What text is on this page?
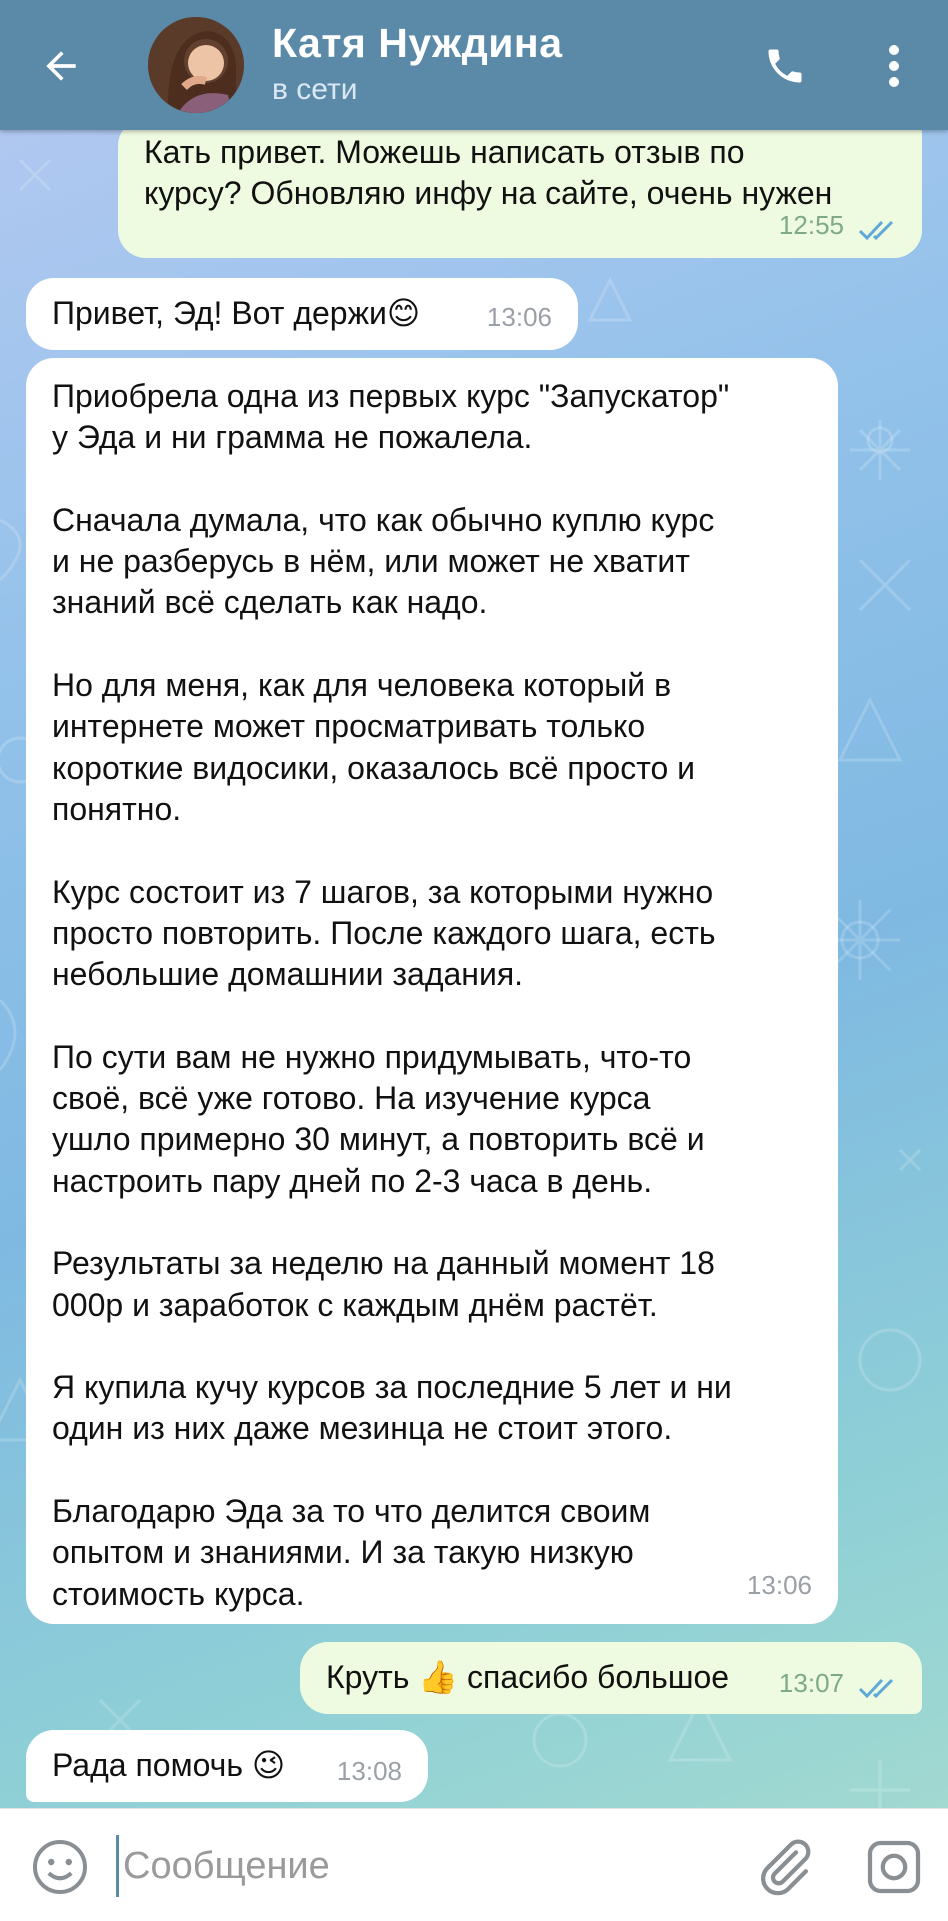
Катя Нуждина
в сети
Кать привет. Можешь написать отзыв по
курсу? Обновляю инфу на сайте, очень нужен
12:55
Привет, Эд! Вот держи😊	13:06
Приобрела одна из первых курс "Запускатор"
у Эда и ни грамма не пожалела.

Сначала думала, что как обычно куплю курс
и не разберусь в нём, или может не хватит
знаний всё сделать как надо.

Но для меня, как для человека который в
интернете может просматривать только
короткие видосики, оказалось всё просто и
понятно.

Курс состоит из 7 шагов, за которыми нужно
просто повторить. После каждого шага, есть
небольшие домашнии задания.

По сути вам не нужно придумывать, что-то
своё, всё уже готово. На изучение курса
ушло примерно 30 минут, а повторить всё и
настроить пару дней по 2-3 часа в день.

Результаты за неделю на данный момент 18
000р и заработок с каждым днём растёт.

Я купила кучу курсов за последние 5 лет и ни
один из них даже мезинца не стоит этого.

Благодарю Эда за то что делится своим
опытом и знаниями. И за такую низкую
стоимость курса.	13:06
Круть 👍 спасибо большое 13:07
Рада помочь 😉 13:08
Сообщение
